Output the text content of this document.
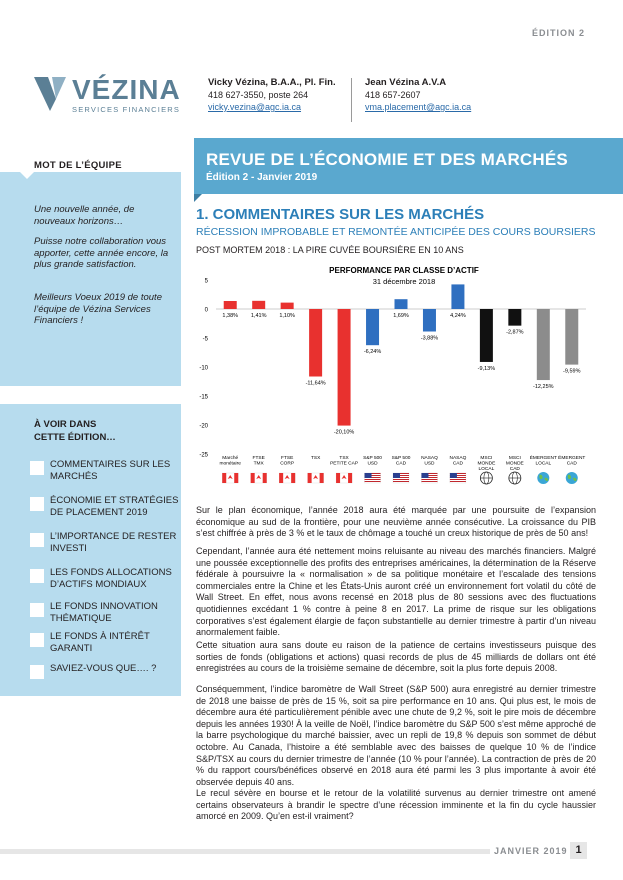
ÉDITION 2
VÉZINA
SERVICES FINANCIERS
Vicky Vézina, B.A.A., Pl. Fin.
418 627-3550, poste 264
vicky.vezina@agc.ia.ca
Jean Vézina A.V.A
418 657-2607
vma.placement@agc.ia.ca
MOT DE L’ÉQUIPE
Une nouvelle année, de nouveaux horizons…
Puisse notre collaboration vous apporter, cette année encore, la plus grande satisfaction.
Meilleurs Voeux 2019 de toute l’équipe de Vézina Services Financiers !
À VOIR DANS
CETTE ÉDITION…
COMMENTAIRES SUR LES MARCHÉS
ÉCONOMIE ET STRATÉGIES DE PLACEMENT 2019
L’IMPORTANCE DE RESTER INVESTI
LES FONDS ALLOCATIONS D’ACTIFS MONDIAUX
LE FONDS INNOVATION THÉMATIQUE
LE FONDS À INTÉRÊT GARANTI
SAVIEZ-VOUS QUE…. ?
REVUE DE L’ÉCONOMIE ET DES MARCHÉS
Édition 2 - Janvier 2019
1. COMMENTAIRES SUR LES MARCHÉS
RÉCESSION IMPROBABLE ET REMONTÉE ANTICIPÉE DES COURS BOURSIERS
POST MORTEM 2018 : LA PIRE CUVÉE BOURSIÈRE EN 10 ANS
PERFORMANCE PAR CLASSE D’ACTIF
31 décembre 2018
5
0
-5
-10
-15
-20
-25
1,38%
Marché
monétaire
1,41%
FTSE
TMX
1,10%
FTSE
CORP
-11,64%
TSX
-20,10%
TSX
PETITE CAP
-6,24%
S&P 500
USD
1,69%
S&P 500
CAD
-3,88%
NASAQ
USD
4,24%
NASAQ
CAD
-9,13%
MSCI
MONDE
LOCAL
-2,87%
MSCI
MONDE
CAD
-12,25%
ÉMERGENT
LOCAL
-9,59%
ÉMERGENT
CAD
Sur le plan économique, l’année 2018 aura été marquée par une poursuite de l’expansion économique au sud de la frontière, pour une neuvième année consécutive. La croissance du PIB s’est chiffrée à près de 3 % et le taux de chômage a touché un creux historique de près de 50 ans!
Cependant, l’année aura été nettement moins reluisante au niveau des marchés financiers. Malgré une poussée exceptionnelle des profits des entreprises américaines, la détermination de la Réserve fédérale à poursuivre la « normalisation » de sa politique monétaire et l’escalade des tensions commerciales entre la Chine et les États-Unis auront créé un environnement fort volatil du côté de Wall Street. En effet, nous avons recensé en 2018 plus de 80 sessions avec des fluctuations quotidiennes excédant 1 % contre à peine 8 en 2017. La prime de risque sur les obligations corporatives s’est également élargie de façon substantielle au dernier trimestre à partir d’un niveau anormalement faible.
Cette situation aura sans doute eu raison de la patience de certains investisseurs puisque des sorties de fonds (obligations et actions) quasi records de plus de 45 milliards de dollars ont été enregistrées au cours de la troisième semaine de décembre, soit la plus forte depuis 2008.
Conséquemment, l’indice baromètre de Wall Street (S&P 500) aura enregistré au dernier trimestre de 2018 une baisse de près de 15 %, soit sa pire performance en 10 ans. Qui plus est, le mois de décembre aura été particulièrement pénible avec une chute de 9,2 %, soit le pire mois de décembre depuis les années 1930! À la veille de Noël, l’indice baromètre du S&P 500 s’est même approché de la barre psychologique du marché baissier, avec un repli de 19,8 % depuis son sommet de début octobre. Au Canada, l’histoire a été semblable avec des baisses de quelque 10 % de l’indice S&P/TSX au cours du dernier trimestre de l’année (10 % pour l’année). La contraction de près de 20 % du rapport cours/bénéfices observé en 2018 aura été parmi les 3 plus importante à avoir été observée depuis 40 ans.
Le recul sévère en bourse et le retour de la volatilité survenus au dernier trimestre ont amené certains observateurs à brandir le spectre d’une récession imminente et la fin du cycle haussier amorcé en 2009. Qu’en est-il vraiment?
JANVIER 2019 1
